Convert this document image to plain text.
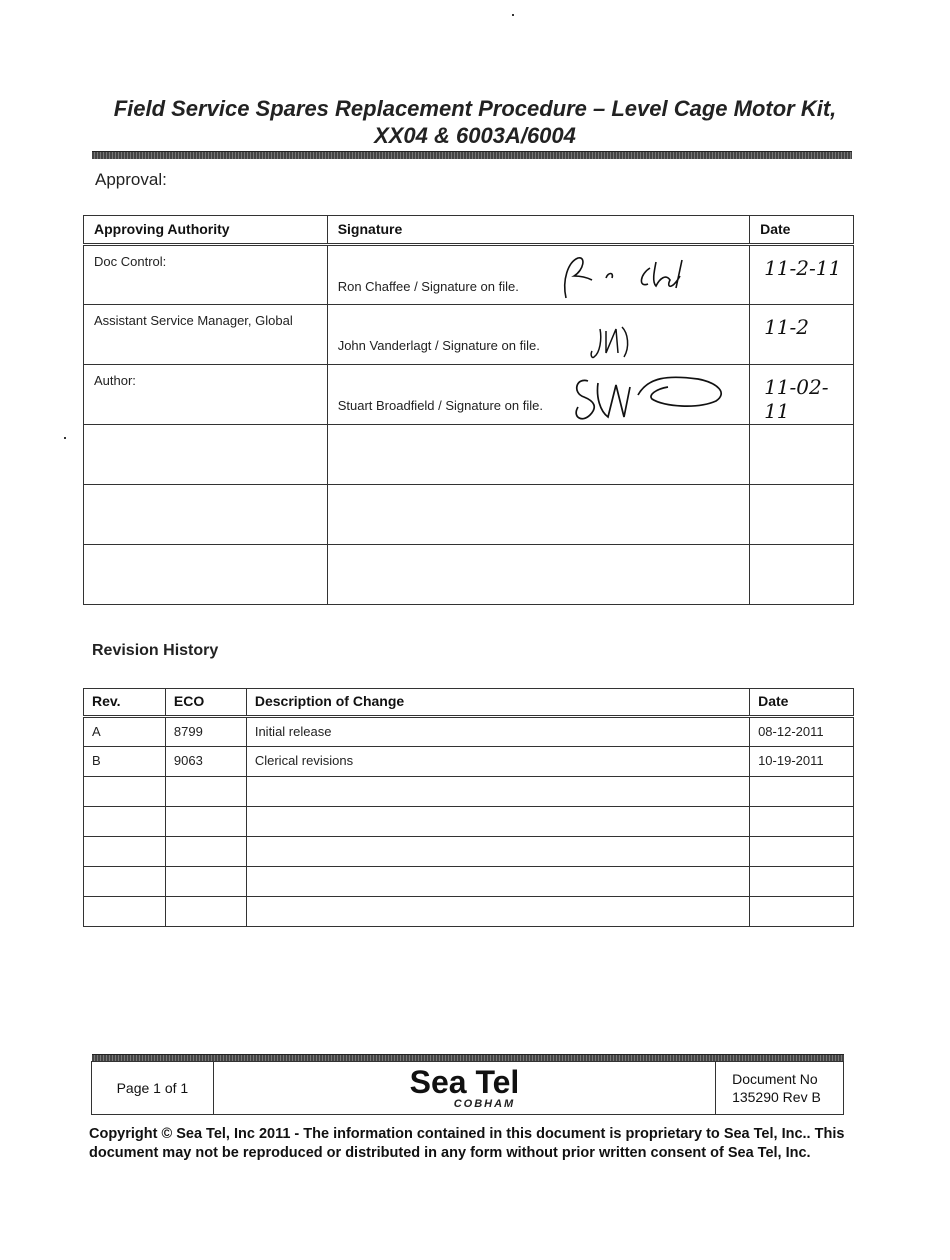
Field Service Spares Replacement Procedure – Level Cage Motor Kit,
XX04 & 6003A/6004
Approval:
Approving Authority	Signature	Date
Doc Control:	Ron Chaffee / Signature on file.	11-2-11
Assistant Service Manager, Global	John Vanderlagt / Signature on file.	11-2
Author:	Stuart Broadfield / Signature on file.	11-02-11

Revision History
Rev.	ECO	Description of Change	Date
A	8799	Initial release	08-12-2011
B	9063	Clerical revisions	10-19-2011

Page 1 of 1	Sea Tel
COBHAM

Document No
135290 Rev B
Copyright © Sea Tel, Inc 2011 - The information contained in this document is proprietary to Sea Tel, Inc.. This document may not be reproduced or distributed in any form without prior written consent of Sea Tel, Inc.
